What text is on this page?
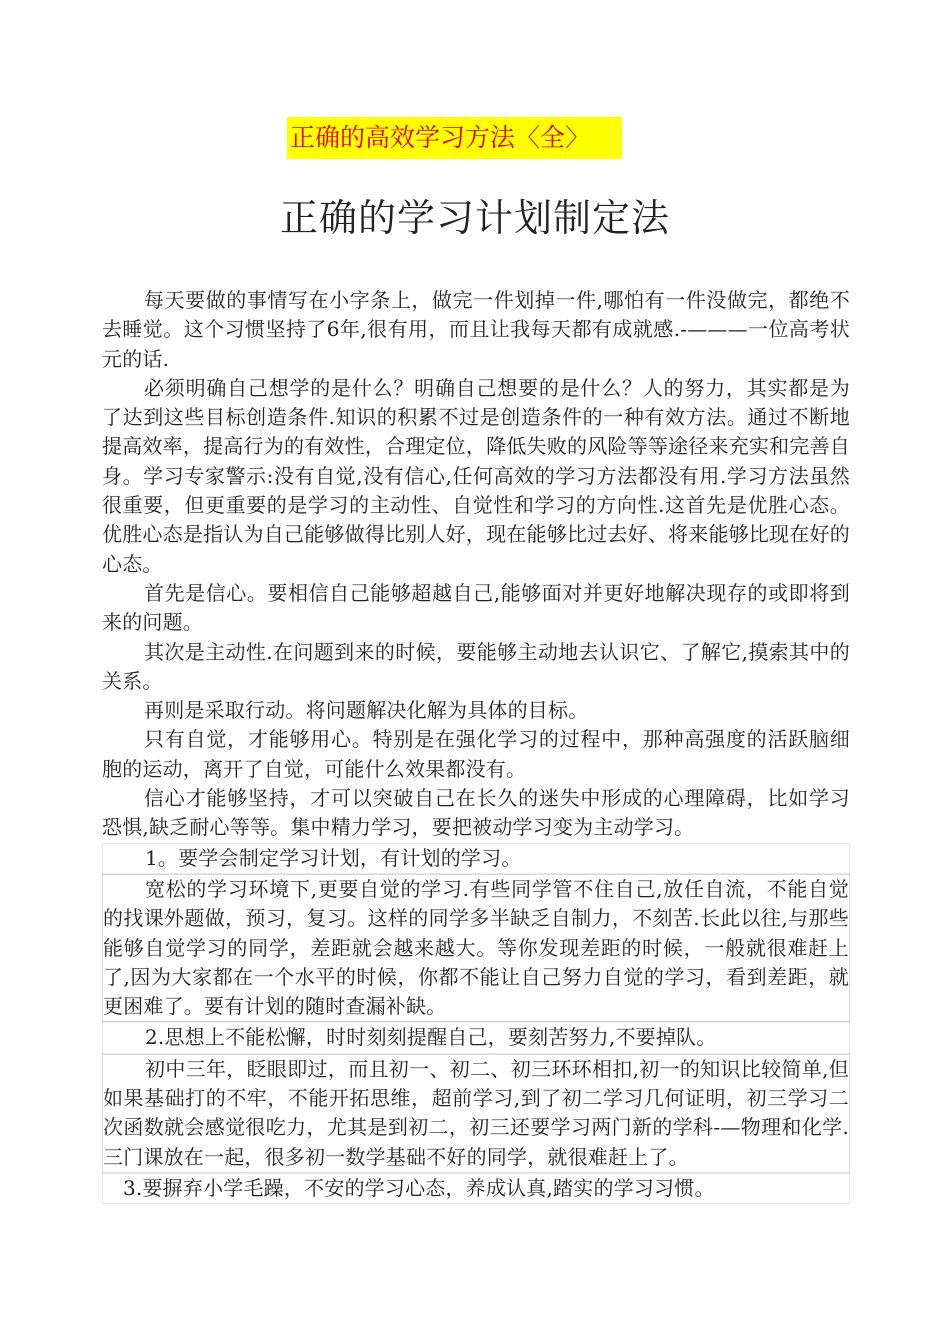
正确的高效学习方法〈全〉
正确的学习计划制定法

每天要做的事情写在小字条上，做完一件划掉一件,哪怕有一件没做完，都绝不去睡觉。这个习惯坚持了6年,很有用，而且让我每天都有成就感.-———一位高考状元的话.

必须明确自己想学的是什么？明确自己想要的是什么？人的努力，其实都是为了达到这些目标创造条件.知识的积累不过是创造条件的一种有效方法。通过不断地提高效率，提高行为的有效性，合理定位，降低失败的风险等等途径来充实和完善自身。学习专家警示:没有自觉,没有信心,任何高效的学习方法都没有用.学习方法虽然很重要，但更重要的是学习的主动性、自觉性和学习的方向性.这首先是优胜心态。优胜心态是指认为自己能够做得比别人好，现在能够比过去好、将来能够比现在好的心态。

首先是信心。要相信自己能够超越自己,能够面对并更好地解决现存的或即将到来的问题。

其次是主动性.在问题到来的时候，要能够主动地去认识它、了解它,摸索其中的关系。

再则是采取行动。将问题解决化解为具体的目标。

只有自觉，才能够用心。特别是在强化学习的过程中，那种高强度的活跃脑细胞的运动，离开了自觉，可能什么效果都没有。

信心才能够坚持，才可以突破自己在长久的迷失中形成的心理障碍，比如学习恐惧,缺乏耐心等等。集中精力学习，要把被动学习变为主动学习。

1。要学会制定学习计划，有计划的学习。

宽松的学习环境下,更要自觉的学习.有些同学管不住自己,放任自流，不能自觉的找课外题做，预习，复习。这样的同学多半缺乏自制力，不刻苦.长此以往,与那些能够自觉学习的同学，差距就会越来越大。等你发现差距的时候，一般就很难赶上了,因为大家都在一个水平的时候，你都不能让自己努力自觉的学习，看到差距，就更困难了。要有计划的随时查漏补缺。

2.思想上不能松懈，时时刻刻提醒自己，要刻苦努力,不要掉队。

初中三年，眨眼即过，而且初一、初二、初三环环相扣,初一的知识比较简单,但如果基础打的不牢，不能开拓思维，超前学习,到了初二学习几何证明，初三学习二次函数就会感觉很吃力，尤其是到初二，初三还要学习两门新的学科-—物理和化学.三门课放在一起，很多初一数学基础不好的同学，就很难赶上了。

3.要摒弃小学毛躁，不安的学习心态，养成认真,踏实的学习习惯。
